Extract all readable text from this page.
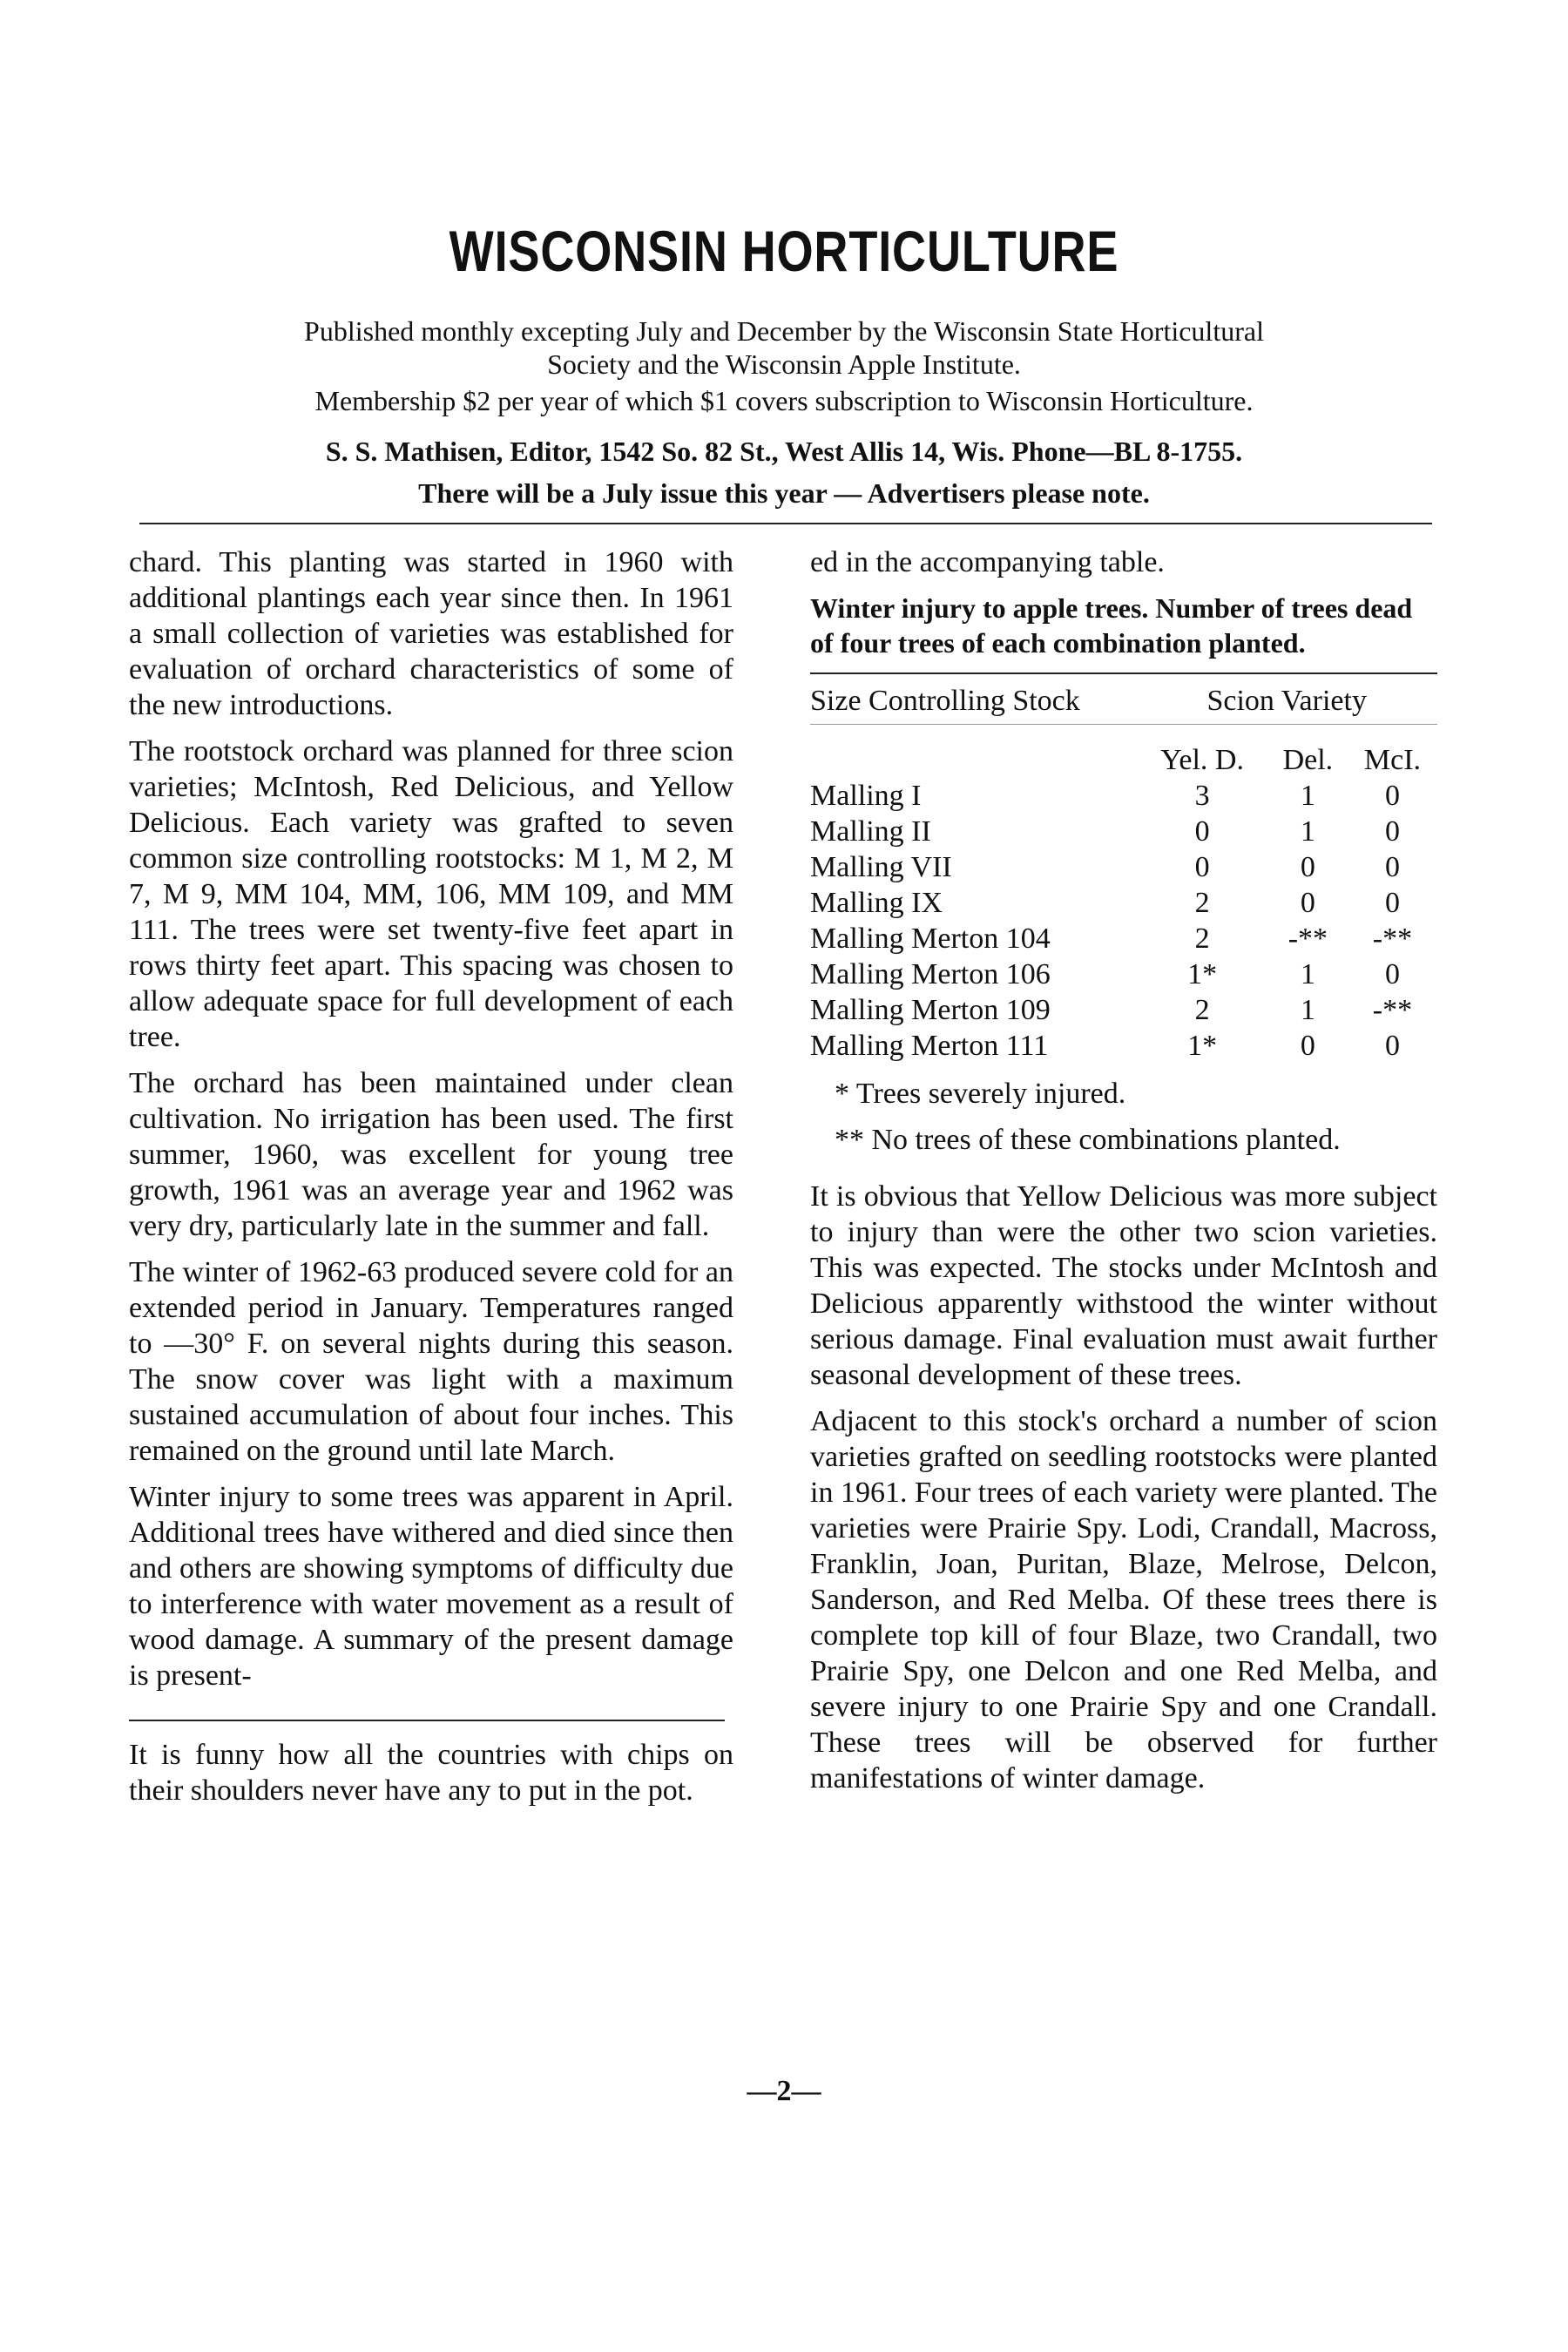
WISCONSIN HORTICULTURE

Published monthly excepting July and December by the Wisconsin State Horticultural

Society and the Wisconsin Apple Institute.

Membership $2 per year of which $1 covers subscription to Wisconsin Horticulture.

S. S. Mathisen, Editor, 1542 So. 82 St., West Allis 14, Wis. Phone—BL 8-1755.

There will be a July issue this year — Advertisers please note.

chard. This planting was started in 1960 with additional plantings each year since then. In 1961 a small collection of varieties was established for evaluation of orchard characteristics of some of the new introductions.

The rootstock orchard was planned for three scion varieties; McIntosh, Red Delicious, and Yellow Delicious. Each variety was grafted to seven common size controlling rootstocks: M 1, M 2, M 7, M 9, MM 104, MM, 106, MM 109, and MM 111. The trees were set twenty-five feet apart in rows thirty feet apart. This spacing was chosen to allow adequate space for full development of each tree.

The orchard has been maintained under clean cultivation. No irrigation has been used. The first summer, 1960, was excellent for young tree growth, 1961 was an average year and 1962 was very dry, particularly late in the summer and fall.

The winter of 1962-63 produced severe cold for an extended period in January. Temperatures ranged to —30° F. on several nights during this season. The snow cover was light with a maximum sustained accumulation of about four inches. This remained on the ground until late March.

Winter injury to some trees was apparent in April. Additional trees have withered and died since then and others are showing symptoms of difficulty due to interference with water movement as a result of wood damage. A summary of the present damage is present-

It is funny how all the countries with chips on their shoulders never have any to put in the pot.

ed in the accompanying table.

Winter injury to apple trees. Number of trees dead of four trees of each combination planted.

Size Controlling Stock	Scion Variety		

	Yel. D.	Del.	McI.
Malling I	3	1	0
Malling II	0	1	0
Malling VII	0	0	0
Malling IX	2	0	0
Malling Merton 104	2	-**	-**
Malling Merton 106	1*	1	0
Malling Merton 109	2	1	-**
Malling Merton 111	1*	0	0

* Trees severely injured.

** No trees of these combinations planted.

It is obvious that Yellow Delicious was more subject to injury than were the other two scion varieties. This was expected. The stocks under McIntosh and Delicious apparently withstood the winter without serious damage. Final evaluation must await further seasonal development of these trees.

Adjacent to this stock's orchard a number of scion varieties grafted on seedling rootstocks were planted in 1961. Four trees of each variety were planted. The varieties were Prairie Spy. Lodi, Crandall, Macross, Franklin, Joan, Puritan, Blaze, Melrose, Delcon, Sanderson, and Red Melba. Of these trees there is complete top kill of four Blaze, two Crandall, two Prairie Spy, one Delcon and one Red Melba, and severe injury to one Prairie Spy and one Crandall. These trees will be observed for further manifestations of winter damage.

—2—
